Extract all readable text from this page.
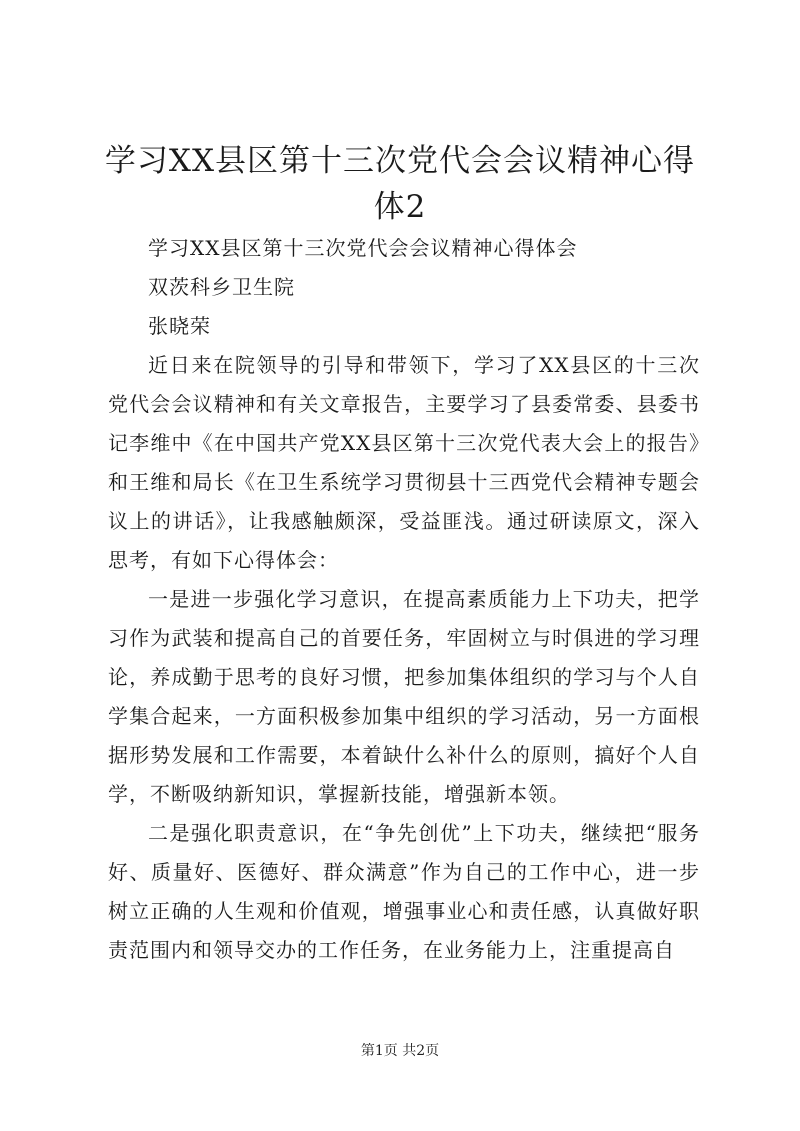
学习XX县区第十三次党代会会议精神心得体2

学习XX县区第十三次党代会会议精神心得体会

双茨科乡卫生院

张晓荣

近日来在院领导的引导和带领下，学习了XX县区的十三次党代会会议精神和有关文章报告，主要学习了县委常委、县委书记李维中《在中国共产党XX县区第十三次党代表大会上的报告》和王维和局长《在卫生系统学习贯彻县十三西党代会精神专题会议上的讲话》，让我感触颇深，受益匪浅。通过研读原文，深入思考，有如下心得体会：

一是进一步强化学习意识，在提高素质能力上下功夫，把学习作为武装和提高自己的首要任务，牢固树立与时俱进的学习理论，养成勤于思考的良好习惯，把参加集体组织的学习与个人自学集合起来，一方面积极参加集中组织的学习活动，另一方面根据形势发展和工作需要，本着缺什么补什么的原则，搞好个人自学，不断吸纳新知识，掌握新技能，增强新本领。

二是强化职责意识，在“争先创优”上下功夫，继续把“服务好、质量好、医德好、群众满意”作为自己的工作中心，进一步树立正确的人生观和价值观，增强事业心和责任感，认真做好职责范围内和领导交办的工作任务，在业务能力上，注重提高自

第1页 共2页
